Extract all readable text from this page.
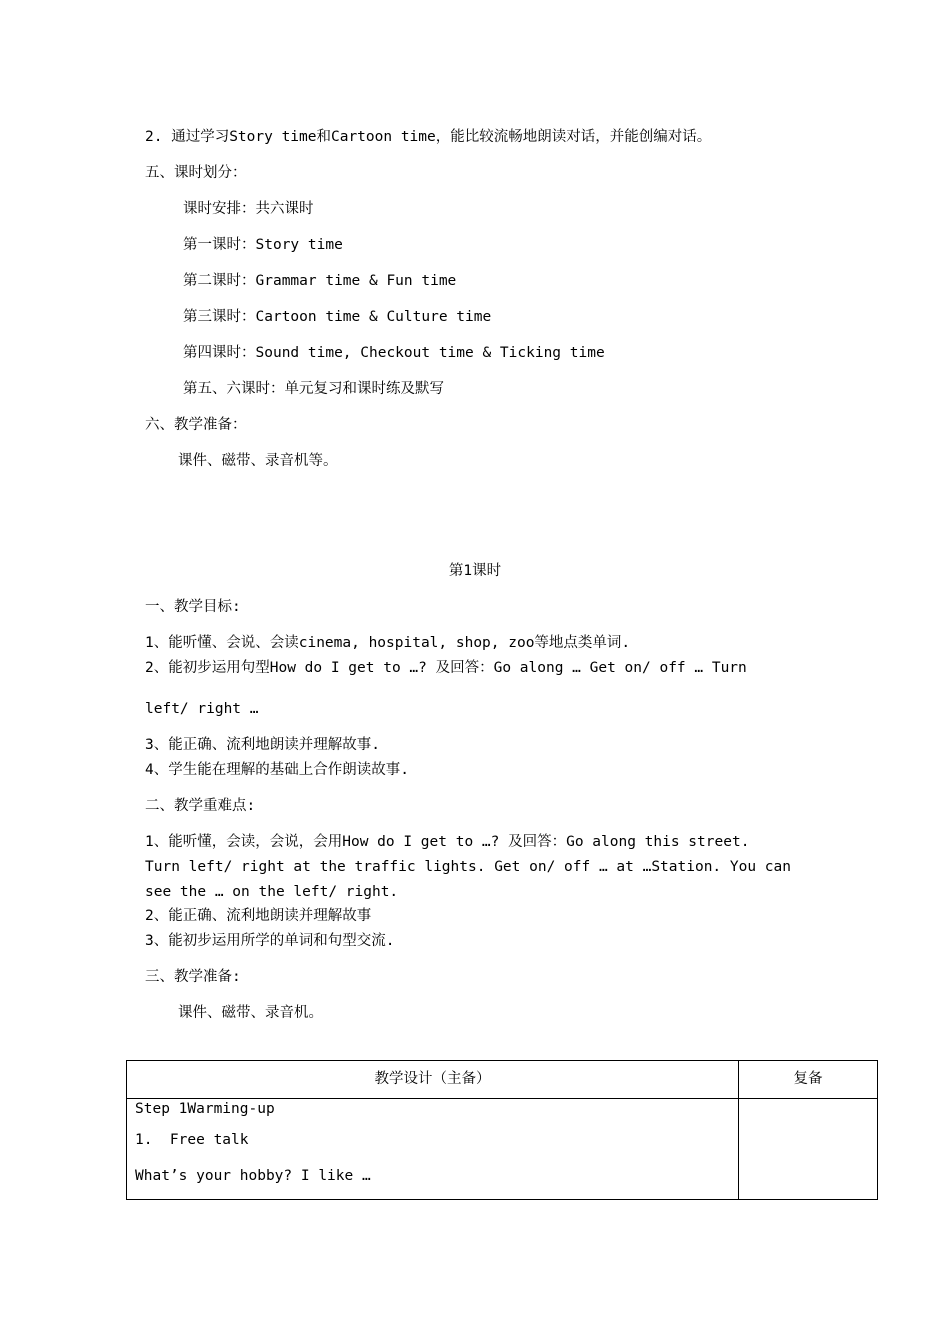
2. 通过学习Story time和Cartoon time，能比较流畅地朗读对话，并能创编对话。
五、课时划分：
课时安排：共六课时
第一课时：Story time
第二课时：Grammar time & Fun time
第三课时：Cartoon time & Culture time
第四课时：Sound time, Checkout time & Ticking time
第五、六课时：单元复习和课时练及默写
六、教学准备：
课件、磁带、录音机等。
第1课时
一、教学目标:
1、能听懂、会说、会读cinema, hospital, shop, zoo等地点类单词.
2、能初步运用句型How do I get to …? 及回答：Go along … Get on/ off … Turn
left/ right …
3、能正确、流利地朗读并理解故事.
4、学生能在理解的基础上合作朗读故事.
二、教学重难点:
1、能听懂，会读，会说，会用How do I get to …? 及回答：Go along this street.
Turn left/ right at the traffic lights. Get on/ off … at …Station. You can
see the … on the left/ right.
2、能正确、流利地朗读并理解故事
3、能初步运用所学的单词和句型交流.
三、教学准备:
课件、磁带、录音机。
教学设计（主备）	复备

Step 1Warming-up
1.  Free talk
What’s your hobby? I like …	
